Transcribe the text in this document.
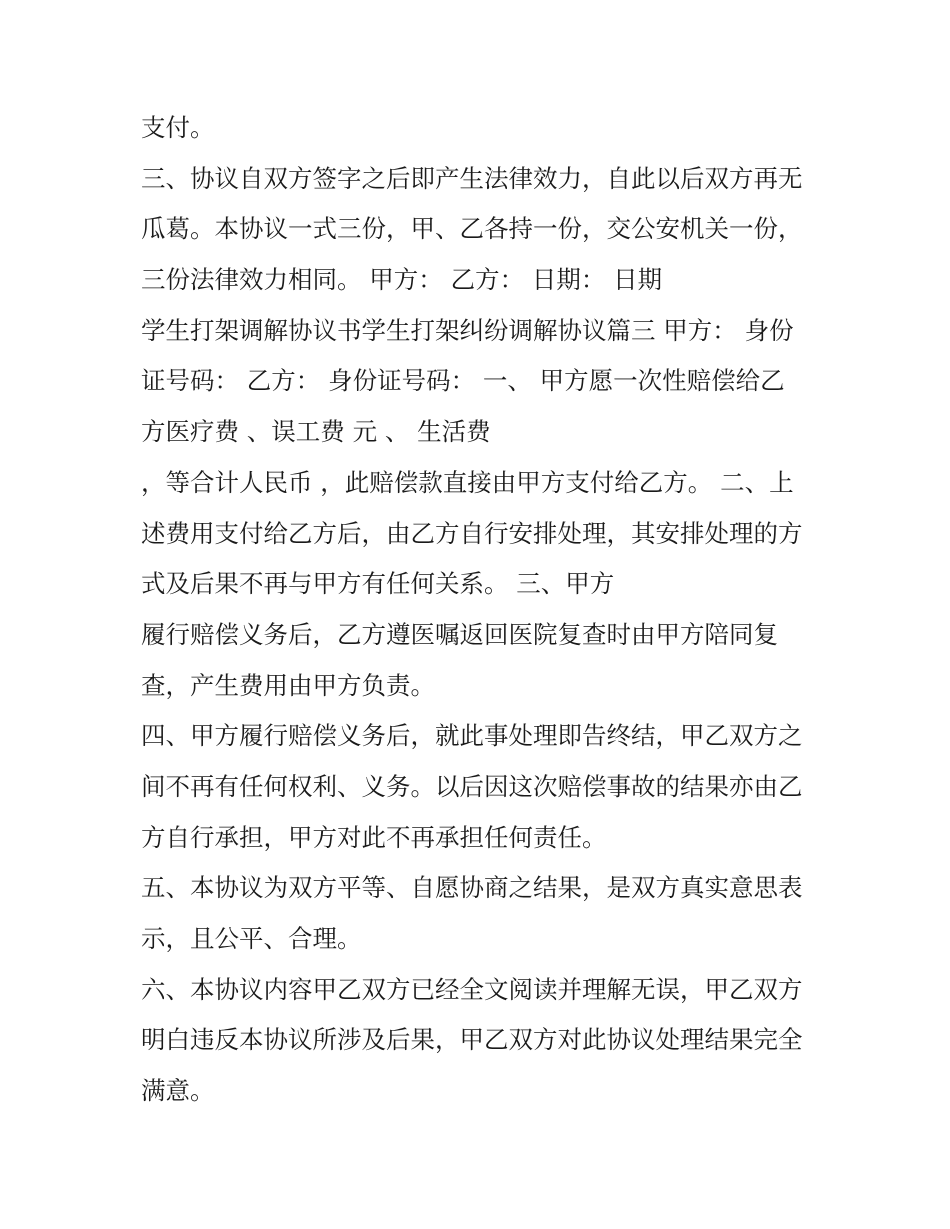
支付。
三、协议自双方签字之后即产生法律效力，自此以后双方再无
瓜葛。本协议一式三份，甲、乙各持一份，交公安机关一份，
三份法律效力相同。 甲方： 乙方： 日期： 日期
学生打架调解协议书学生打架纠纷调解协议篇三 甲方： 身份
证号码： 乙方： 身份证号码： 一、 甲方愿一次性赔偿给乙
方医疗费 、误工费 元 、 生活费
，等合计人民币 ，此赔偿款直接由甲方支付给乙方。 二、上
述费用支付给乙方后，由乙方自行安排处理，其安排处理的方
式及后果不再与甲方有任何关系。 三、甲方
履行赔偿义务后，乙方遵医嘱返回医院复查时由甲方陪同复
查，产生费用由甲方负责。
四、甲方履行赔偿义务后，就此事处理即告终结，甲乙双方之
间不再有任何权利、义务。以后因这次赔偿事故的结果亦由乙
方自行承担，甲方对此不再承担任何责任。
五、本协议为双方平等、自愿协商之结果，是双方真实意思表
示，且公平、合理。
六、本协议内容甲乙双方已经全文阅读并理解无误，甲乙双方
明白违反本协议所涉及后果，甲乙双方对此协议处理结果完全
满意。
